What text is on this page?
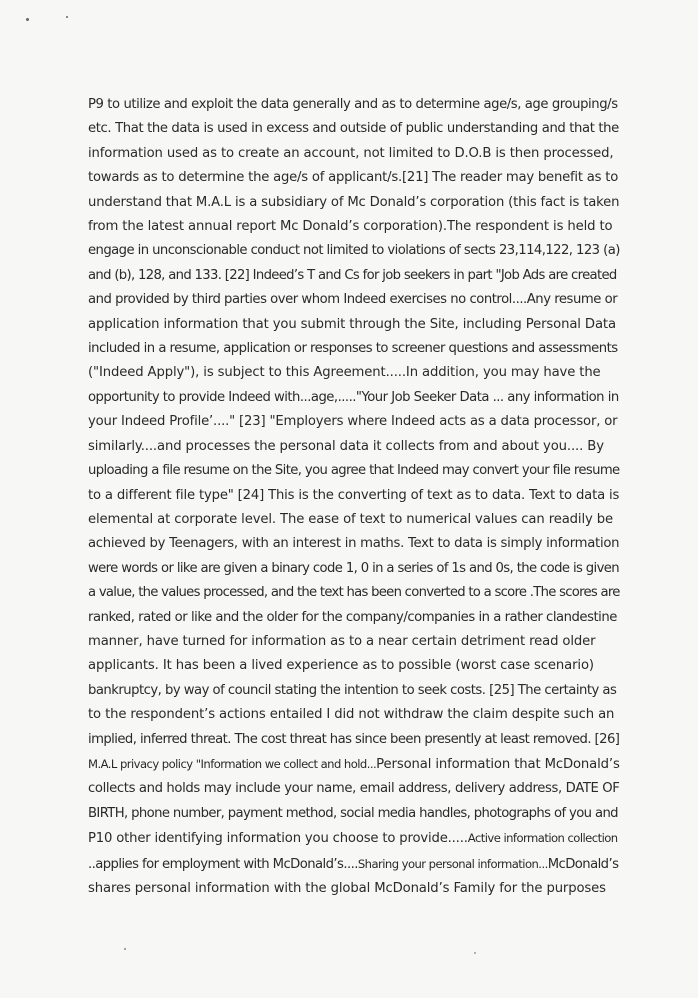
P9 to utilize and exploit the data generally and as to determine age/s, age grouping/s
etc. That the data is used in excess and outside of public understanding and that the
information used as to create an account, not limited to D.O.B is then processed,
towards as to determine the age/s of applicant/s.[21] The reader may benefit as to
understand that M.A.L is a subsidiary of Mc Donald’s corporation (this fact is taken
from the latest annual report Mc Donald’s corporation).The respondent is held to
engage in unconscionable conduct not limited to violations of sects 23,114,122, 123 (a)
and (b), 128, and 133. [22] Indeed’s T and Cs for job seekers in part "Job Ads are created
and provided by third parties over whom Indeed exercises no control....Any resume or
application information that you submit through the Site, including Personal Data
included in a resume, application or responses to screener questions and assessments
("Indeed Apply"), is subject to this Agreement.....In addition, you may have the
opportunity to provide Indeed with...age,....."Your Job Seeker Data ... any information in
your Indeed Profile’...." [23] "Employers where Indeed acts as a data processor, or
similarly....and processes the personal data it collects from and about you.... By
uploading a file resume on the Site, you agree that Indeed may convert your file resume
to a different file type" [24] This is the converting of text as to data. Text to data is
elemental at corporate level. The ease of text to numerical values can readily be
achieved by Teenagers, with an interest in maths. Text to data is simply information
were words or like are given a binary code 1, 0 in a series of 1s and 0s, the code is given
a value, the values processed, and the text has been converted to a score .The scores are
ranked, rated or like and the older for the company/companies in a rather clandestine
manner, have turned for information as to a near certain detriment read older
applicants. It has been a lived experience as to possible (worst case scenario)
bankruptcy, by way of council stating the intention to seek costs. [25] The certainty as
to the respondent’s actions entailed I did not withdraw the claim despite such an
implied, inferred threat. The cost threat has since been presently at least removed. [26]
M.A.L privacy policy "Information we collect and hold...Personal information that McDonald’s
collects and holds may include your name, email address, delivery address, DATE OF
BIRTH, phone number, payment method, social media handles, photographs of you and
P10 other identifying information you choose to provide.....Active information collection
..applies for employment with McDonald’s....Sharing your personal information...McDonald’s
shares personal information with the global McDonald’s Family for the purposes
